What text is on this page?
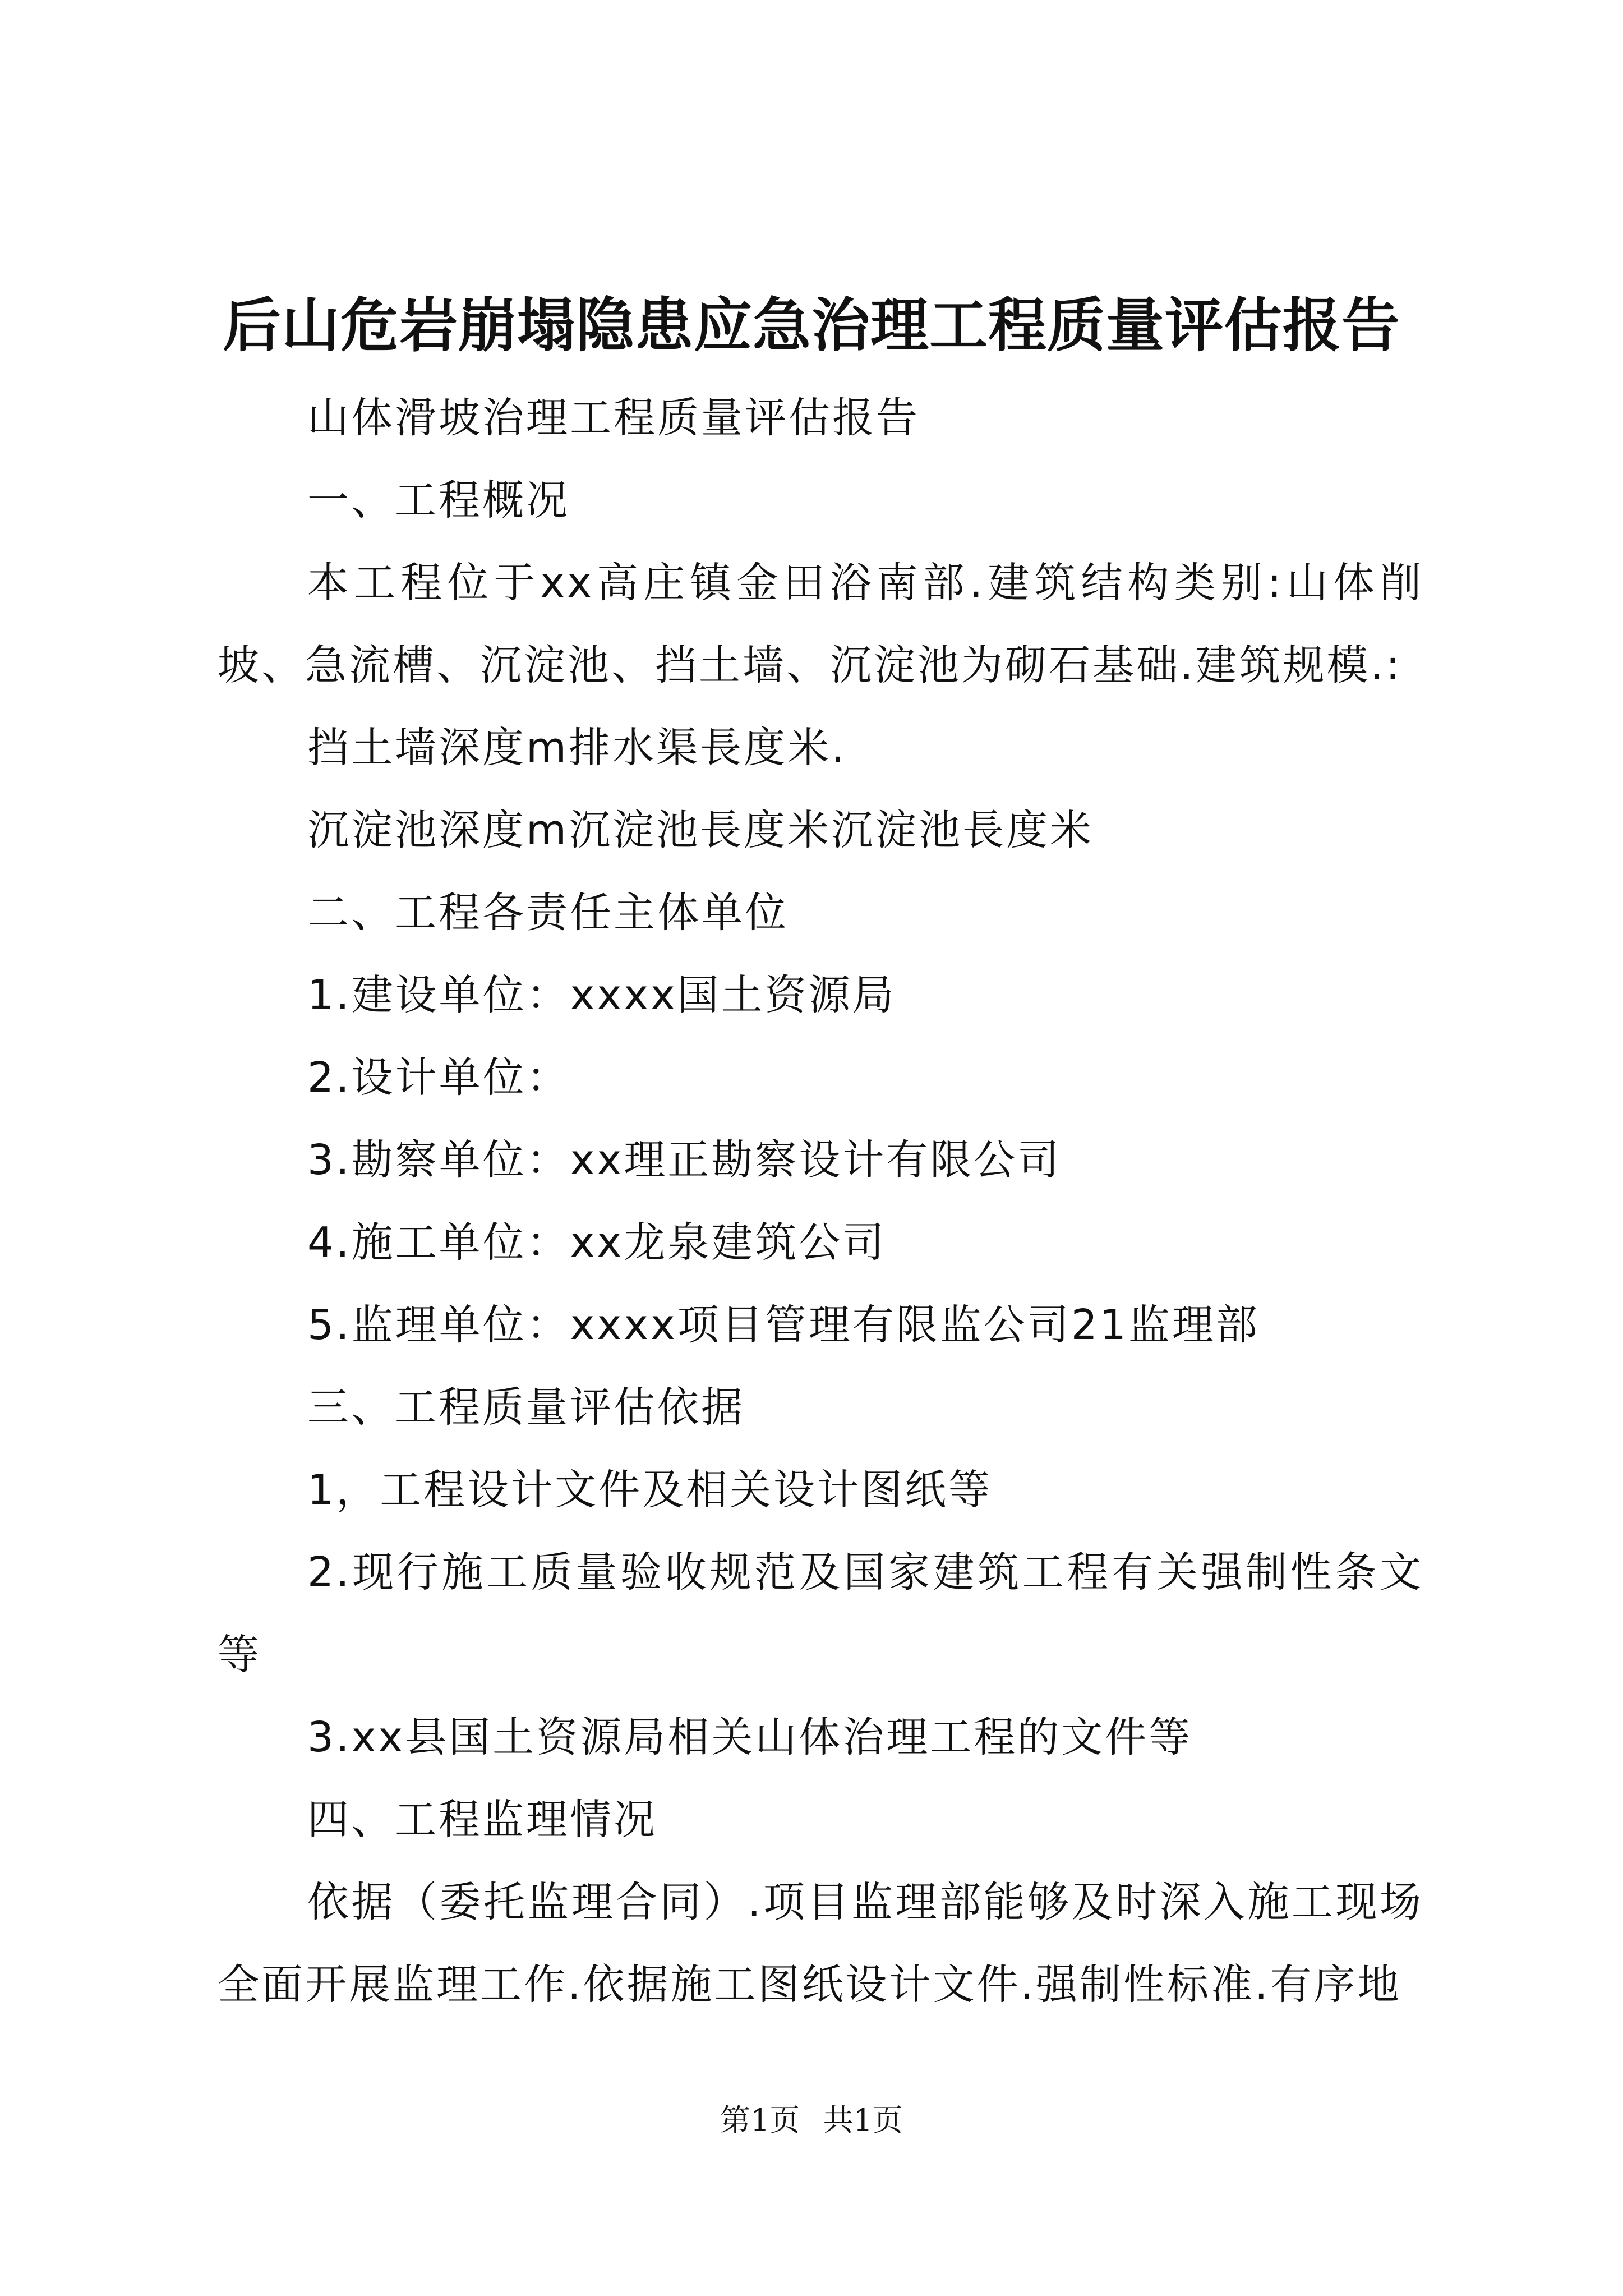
后山危岩崩塌隐患应急治理工程质量评估报告

山体滑坡治理工程质量评估报告

一、工程概况

本工程位于xx高庄镇金田浴南部.建筑结构类别:山体削坡、急流槽、沉淀池、挡土墙、沉淀池为砌石基础.建筑规模.:

挡土墙深度m排水渠長度米.

沉淀池深度m沉淀池長度米沉淀池長度米

二、工程各责任主体单位

1.建设单位：xxxx国土资源局

2.设计单位：

3.勘察单位：xx理正勘察设计有限公司

4.施工单位：xx龙泉建筑公司

5.监理单位：xxxx项目管理有限监公司21监理部

三、工程质量评估依据

1，工程设计文件及相关设计图纸等

2.现行施工质量验收规范及国家建筑工程有关强制性条文等

3.xx县国土资源局相关山体治理工程的文件等

四、工程监理情况

依据（委托监理合同）.项目监理部能够及时深入施工现场全面开展监理工作.依据施工图纸设计文件.强制性标准.有序地

第1页 共1页
